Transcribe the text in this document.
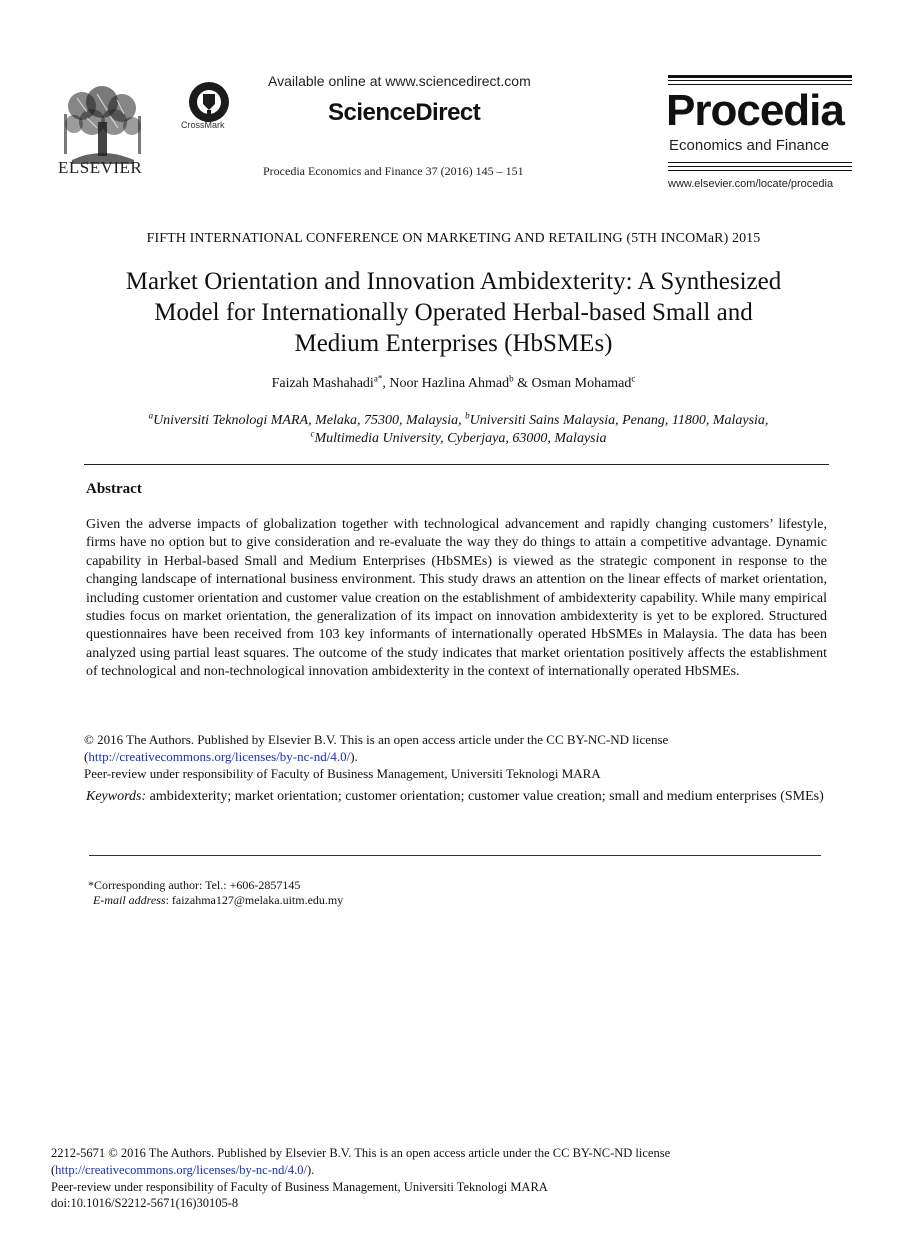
ELSEVIER
CrossMark
Available online at www.sciencedirect.com
ScienceDirect
Procedia Economics and Finance 37 (2016) 145 – 151
Procedia
Economics and Finance
www.elsevier.com/locate/procedia
FIFTH INTERNATIONAL CONFERENCE ON MARKETING AND RETAILING (5TH INCOMaR) 2015
Market Orientation and Innovation Ambidexterity: A Synthesized
Model for Internationally Operated Herbal-based Small and
Medium Enterprises (HbSMEs)
Faizah Mashahadi$^{a*}$, Noor Hazlina Ahmad$^b$ & Osman Mohamad$^c$
$^a$Universiti Teknologi MARA, Melaka, 75300, Malaysia, $^b$Universiti Sains Malaysia, Penang, 11800, Malaysia,
$^c$Multimedia University, Cyberjaya, 63000, Malaysia
Abstract
Given the adverse impacts of globalization together with technological advancement and rapidly changing customers’ lifestyle, firms have no option but to give consideration and re-evaluate the way they do things to attain a competitive advantage. Dynamic capability in Herbal-based Small and Medium Enterprises (HbSMEs) is viewed as the strategic component in response to the changing landscape of international business environment. This study draws an attention on the linear effects of market orientation, including customer orientation and customer value creation on the establishment of ambidexterity capability. While many empirical studies focus on market orientation, the generalization of its impact on innovation ambidexterity is yet to be explored. Structured questionnaires have been received from 103 key informants of internationally operated HbSMEs in Malaysia. The data has been analyzed using partial least squares. The outcome of the study indicates that market orientation positively affects the establishment of technological and non-technological innovation ambidexterity in the context of internationally operated HbSMEs.
© 2016 The Authors. Published by Elsevier B.V. This is an open access article under the CC BY-NC-ND license
(http://creativecommons.org/licenses/by-nc-nd/4.0/).
Peer-review under responsibility of Faculty of Business Management, Universiti Teknologi MARA
Keywords: ambidexterity; market orientation; customer orientation; customer value creation; small and medium enterprises (SMEs)
*Corresponding author: Tel.: +606-2857145
E-mail address: faizahma127@melaka.uitm.edu.my
2212-5671 © 2016 The Authors. Published by Elsevier B.V. This is an open access article under the CC BY-NC-ND license
(http://creativecommons.org/licenses/by-nc-nd/4.0/).
Peer-review under responsibility of Faculty of Business Management, Universiti Teknologi MARA
doi:10.1016/S2212-5671(16)30105-8
